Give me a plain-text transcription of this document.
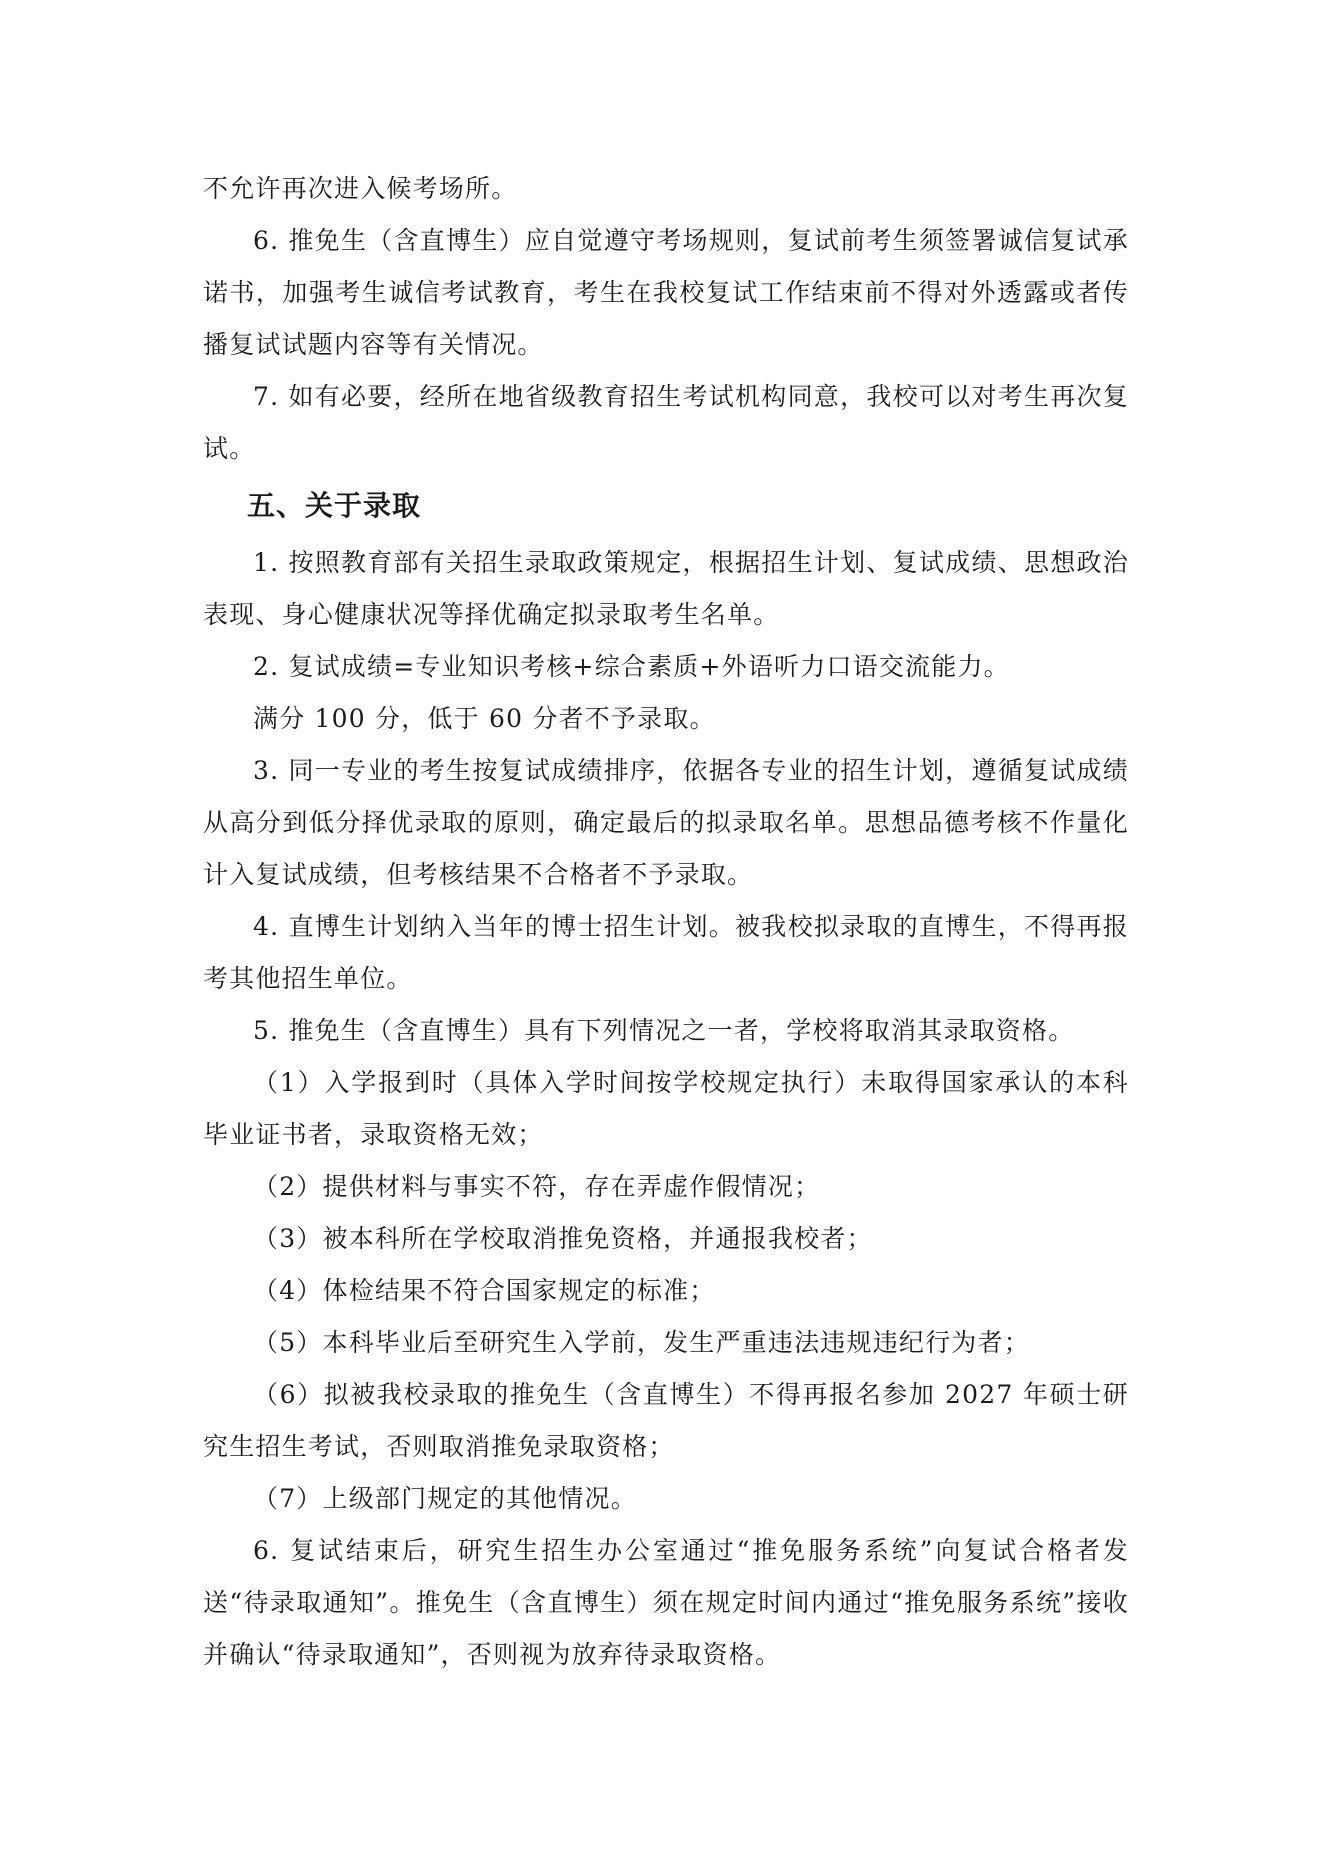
不允许再次进入候考场所。

6. 推免生（含直博生）应自觉遵守考场规则，复试前考生须签署诚信复试承诺书，加强考生诚信考试教育，考生在我校复试工作结束前不得对外透露或者传播复试试题内容等有关情况。

7. 如有必要，经所在地省级教育招生考试机构同意，我校可以对考生再次复试。

五、关于录取

1. 按照教育部有关招生录取政策规定，根据招生计划、复试成绩、思想政治表现、身心健康状况等择优确定拟录取考生名单。

2. 复试成绩=专业知识考核+综合素质+外语听力口语交流能力。

满分 100 分，低于 60 分者不予录取。

3. 同一专业的考生按复试成绩排序，依据各专业的招生计划，遵循复试成绩从高分到低分择优录取的原则，确定最后的拟录取名单。思想品德考核不作量化计入复试成绩，但考核结果不合格者不予录取。

4. 直博生计划纳入当年的博士招生计划。被我校拟录取的直博生，不得再报考其他招生单位。

5. 推免生（含直博生）具有下列情况之一者，学校将取消其录取资格。

（1）入学报到时（具体入学时间按学校规定执行）未取得国家承认的本科毕业证书者，录取资格无效；

（2）提供材料与事实不符，存在弄虚作假情况；

（3）被本科所在学校取消推免资格，并通报我校者；

（4）体检结果不符合国家规定的标准；

（5）本科毕业后至研究生入学前，发生严重违法违规违纪行为者；

（6）拟被我校录取的推免生（含直博生）不得再报名参加 2027 年硕士研究生招生考试，否则取消推免录取资格；

（7）上级部门规定的其他情况。

6. 复试结束后，研究生招生办公室通过“推免服务系统”向复试合格者发送“待录取通知”。推免生（含直博生）须在规定时间内通过“推免服务系统”接收并确认“待录取通知”，否则视为放弃待录取资格。
